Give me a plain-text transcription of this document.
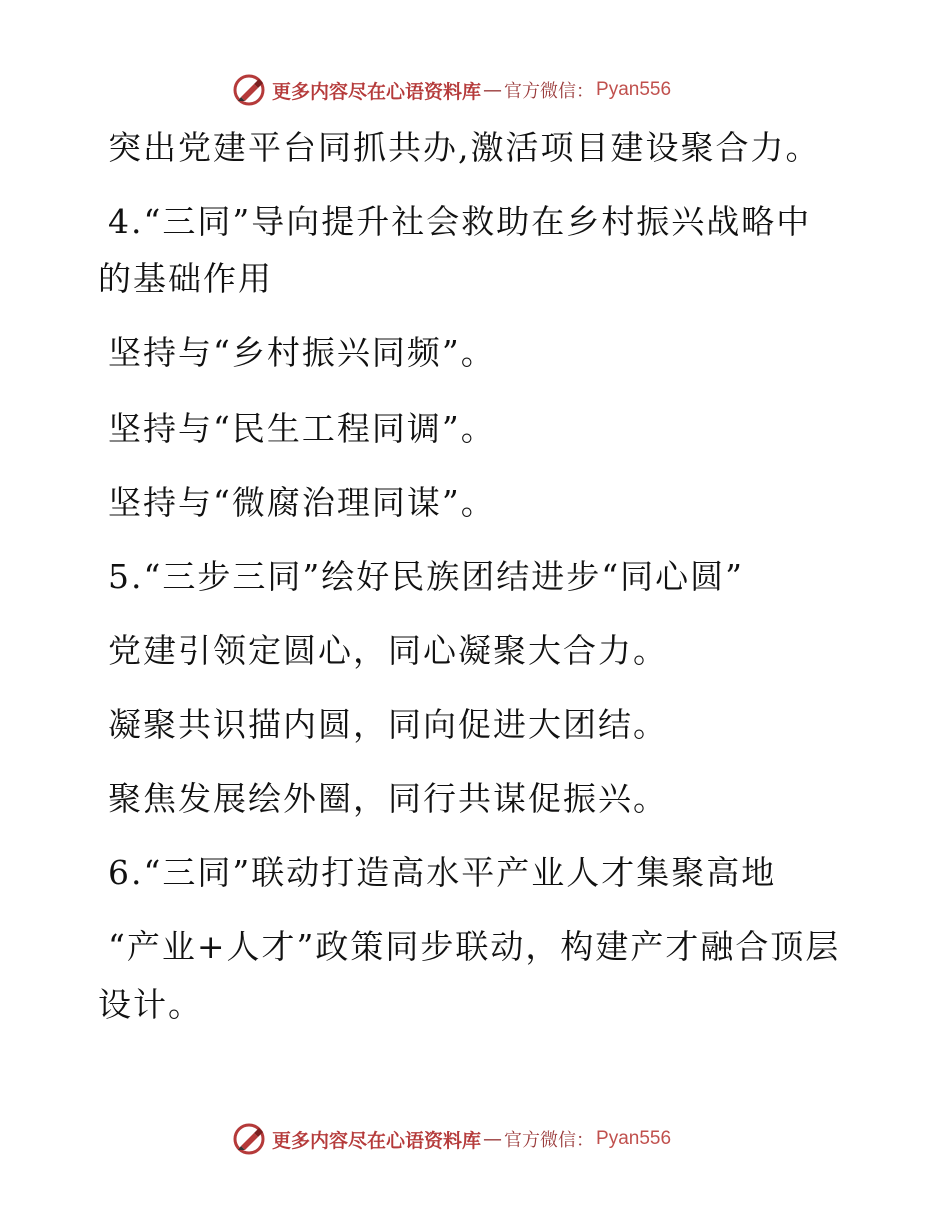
更多内容尽在心语资料库 — 官方微信： Pyan556
突出党建平台同抓共办,激活项目建设聚合力。
4.“三同”导向提升社会救助在乡村振兴战略中
的基础作用
坚持与“乡村振兴同频”。
坚持与“民生工程同调”。
坚持与“微腐治理同谋”。
5.“三步三同”绘好民族团结进步“同心圆”
党建引领定圆心，同心凝聚大合力。
凝聚共识描内圆，同向促进大团结。
聚焦发展绘外圈，同行共谋促振兴。
6.“三同”联动打造高水平产业人才集聚高地
“产业+人才”政策同步联动，构建产才融合顶层
设计。
更多内容尽在心语资料库 — 官方微信： Pyan556
